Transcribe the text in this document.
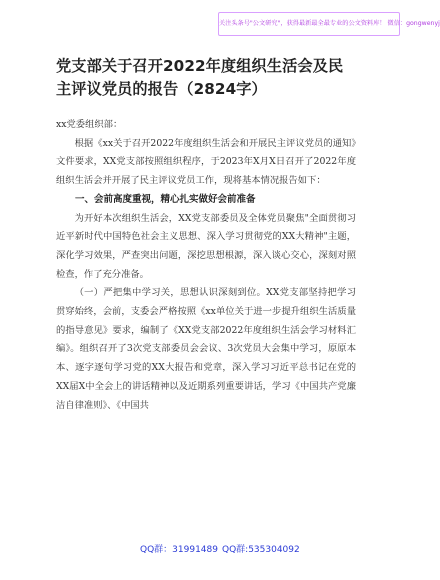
关注头条号"公文研究"，获得最新最全最专业的公文资料库！ 微信：gongwenyj
党支部关于召开2022年度组织生活会及民主评议党员的报告（2824字）

xx党委组织部：

根据《xx关于召开2022年度组织生活会和开展民主评议党员的通知》文件要求，XX党支部按照组织程序，于2023年X月X日召开了2022年度组织生活会并开展了民主评议党员工作，现将基本情况报告如下：

一、会前高度重视，精心扎实做好会前准备

为开好本次组织生活会，XX党支部委员及全体党员聚焦"全面贯彻习近平新时代中国特色社会主义思想、深入学习贯彻党的XX大精神"主题，深化学习效果，严查突出问题，深挖思想根源，深入谈心交心，深刻对照检查，作了充分准备。

（一）严把集中学习关，思想认识深刻到位。XX党支部坚持把学习贯穿始终，会前，支委会严格按照《xx单位关于进一步提升组织生活质量的指导意见》要求，编制了《XX党支部2022年度组织生活会学习材料汇编》。组织召开了3次党支部委员会会议、3次党员大会集中学习，原原本本、逐字逐句学习党的XX大报告和党章，深入学习习近平总书记在党的XX届X中全会上的讲话精神以及近期系列重要讲话，学习《中国共产党廉洁自律准则》、《中国共

QQ群：31991489 QQ群:535304092
